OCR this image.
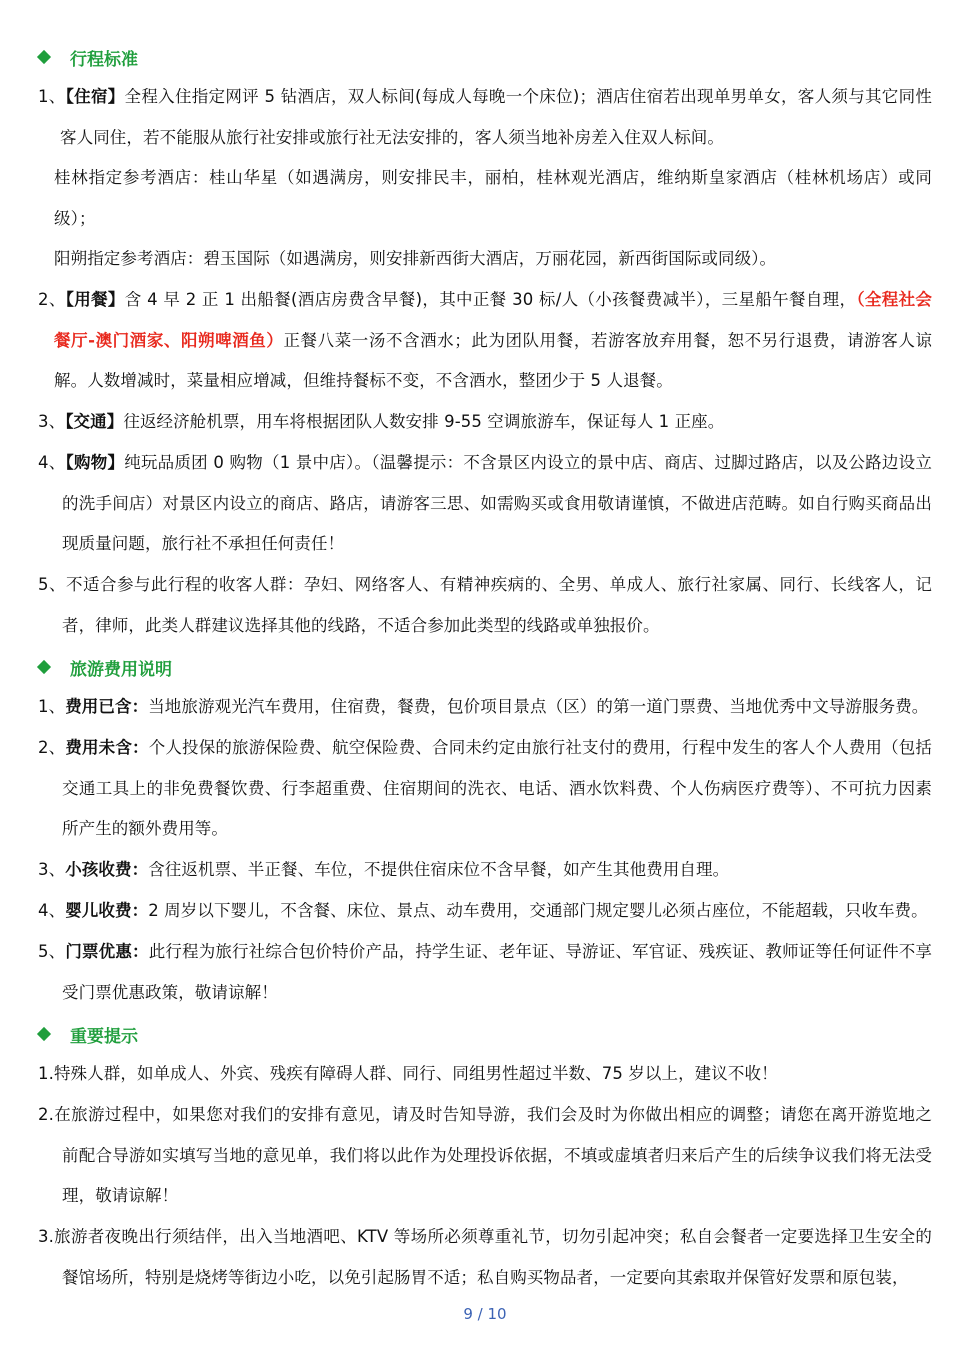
行程标准
1、【住宿】全程入住指定网评 5 钻酒店，双人标间(每成人每晚一个床位)；酒店住宿若出现单男单女，客人须与其它同性客人同住，若不能服从旅行社安排或旅行社无法安排的，客人须当地补房差入住双人标间。
桂林指定参考酒店：桂山华星（如遇满房，则安排民丰，丽柏，桂林观光酒店，维纳斯皇家酒店（桂林机场店）或同级）；
阳朔指定参考酒店：碧玉国际（如遇满房，则安排新西街大酒店，万丽花园，新西街国际或同级）。
2、【用餐】含 4 早 2 正 1 出船餐(酒店房费含早餐)，其中正餐 30 标/人（小孩餐费减半），三星船午餐自理，（全程社会餐厅-澳门酒家、阳朔啤酒鱼）正餐八菜一汤不含酒水；此为团队用餐，若游客放弃用餐，恕不另行退费，请游客人谅解。人数增减时，菜量相应增减，但维持餐标不变，不含酒水，整团少于 5 人退餐。
3、【交通】往返经济舱机票，用车将根据团队人数安排 9-55 空调旅游车，保证每人 1 正座。
4、【购物】纯玩品质团 0 购物（1 景中店）。（温馨提示：不含景区内设立的景中店、商店、过脚过路店，以及公路边设立的洗手间店）对景区内设立的商店、路店，请游客三思、如需购买或食用敬请谨慎，不做进店范畴。如自行购买商品出现质量问题，旅行社不承担任何责任！
5、不适合参与此行程的收客人群：孕妇、网络客人、有精神疾病的、全男、单成人、旅行社家属、同行、长线客人，记者，律师，此类人群建议选择其他的线路，不适合参加此类型的线路或单独报价。
旅游费用说明
1、费用已含：当地旅游观光汽车费用，住宿费，餐费，包价项目景点（区）的第一道门票费、当地优秀中文导游服务费。
2、费用未含：个人投保的旅游保险费、航空保险费、合同未约定由旅行社支付的费用，行程中发生的客人个人费用（包括交通工具上的非免费餐饮费、行李超重费、住宿期间的洗衣、电话、酒水饮料费、个人伤病医疗费等）、不可抗力因素所产生的额外费用等。
3、小孩收费：含往返机票、半正餐、车位，不提供住宿床位不含早餐，如产生其他费用自理。
4、婴儿收费：2 周岁以下婴儿，不含餐、床位、景点、动车费用，交通部门规定婴儿必须占座位，不能超载，只收车费。
5、门票优惠：此行程为旅行社综合包价特价产品，持学生证、老年证、导游证、军官证、残疾证、教师证等任何证件不享受门票优惠政策，敬请谅解！
重要提示
1.特殊人群，如单成人、外宾、残疾有障碍人群、同行、同组男性超过半数、75 岁以上，建议不收！
2.在旅游过程中，如果您对我们的安排有意见，请及时告知导游，我们会及时为你做出相应的调整；请您在离开游览地之前配合导游如实填写当地的意见单，我们将以此作为处理投诉依据，不填或虚填者归来后产生的后续争议我们将无法受理，敬请谅解！
3.旅游者夜晚出行须结伴，出入当地酒吧、KTV 等场所必须尊重礼节，切勿引起冲突；私自会餐者一定要选择卫生安全的餐馆场所，特别是烧烤等街边小吃，以免引起肠胃不适；私自购买物品者，一定要向其索取并保管好发票和原包装，
9 / 10
